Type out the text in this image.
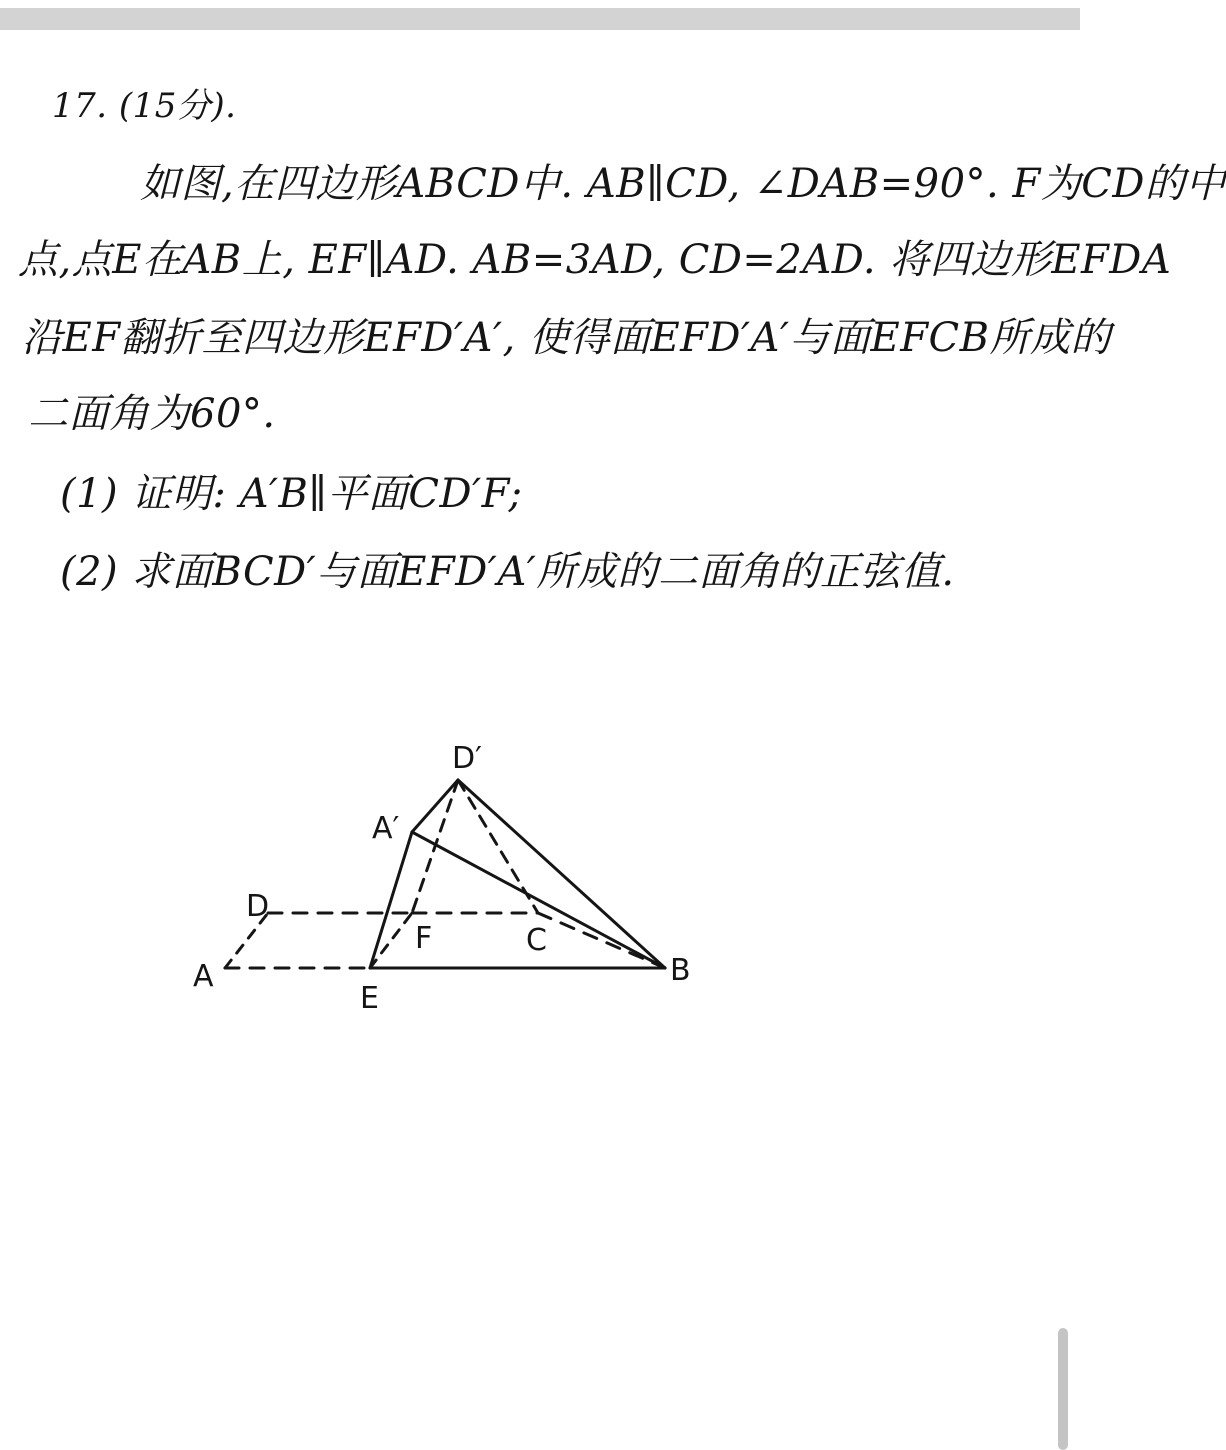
17. (15分).
如图,在四边形ABCD中. AB∥CD, ∠DAB=90°. F为CD的中
点,点E在AB上, EF∥AD. AB=3AD, CD=2AD. 将四边形EFDA
沿EF翻折至四边形EFD′A′, 使得面EFD′A′与面EFCB所成的
二面角为60°.
(1) 证明: A′B∥平面CD′F;
(2) 求面BCD′与面EFD′A′所成的二面角的正弦值.
D′
A′
D
F	C
A
E
B
